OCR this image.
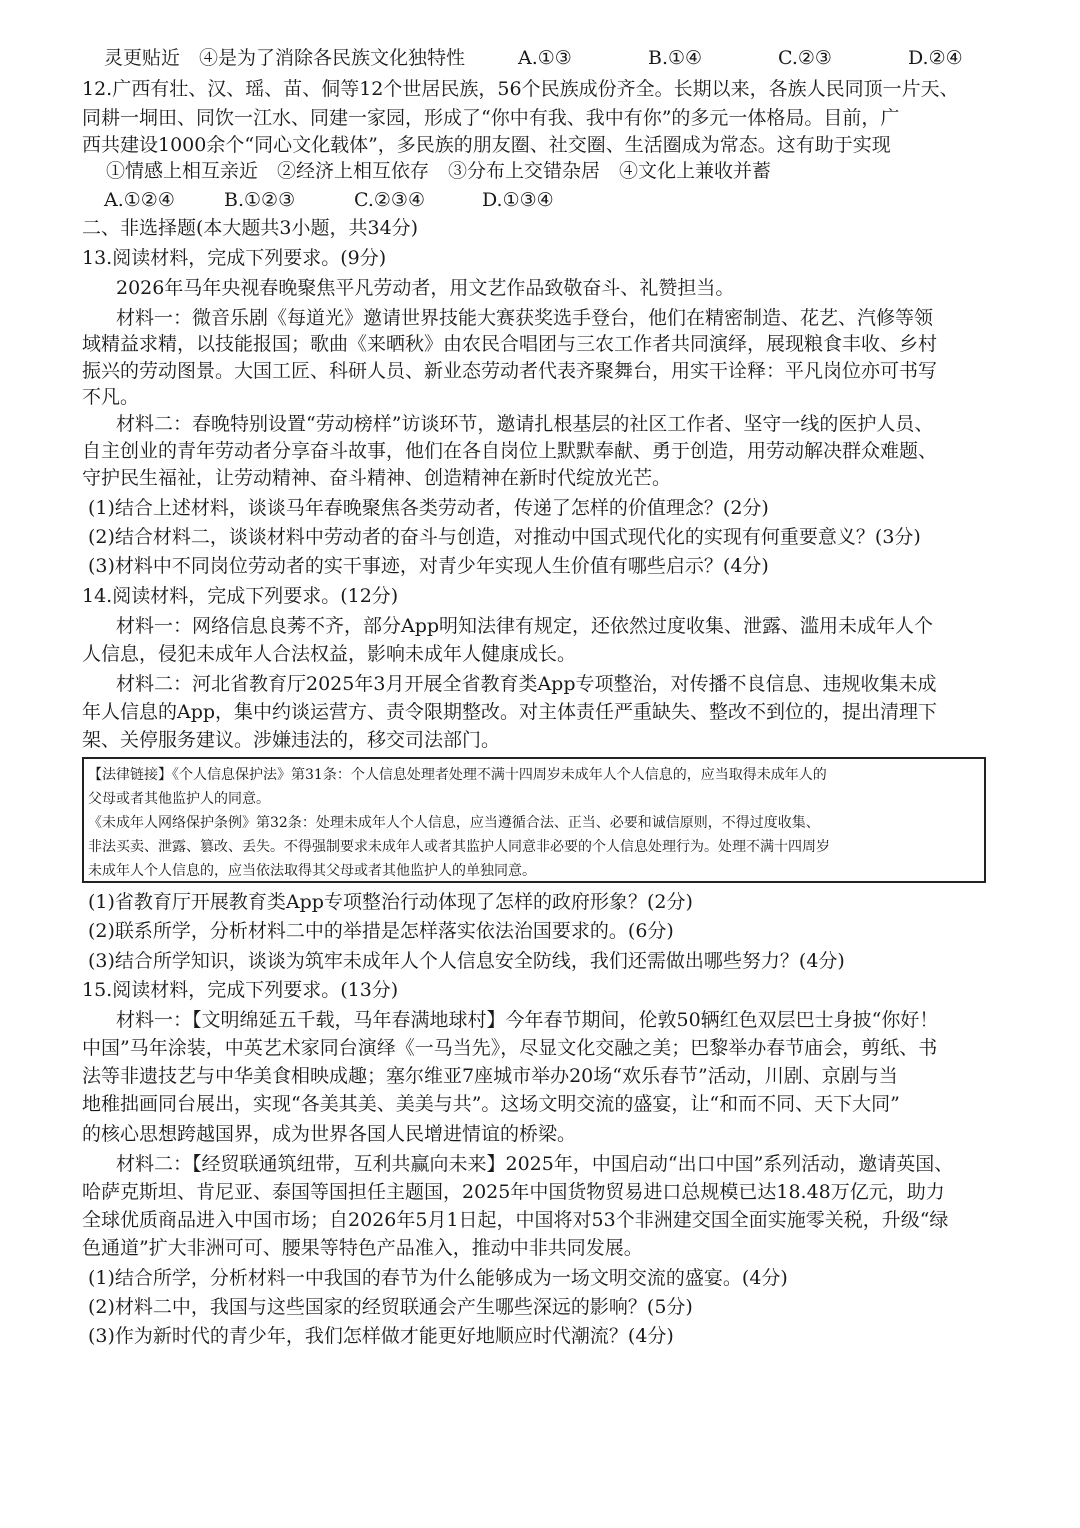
灵更贴近　④是为了消除各民族文化独特性	A.①③	B.①④	C.②③	D.②④
12.广西有壮、汉、瑶、苗、侗等12个世居民族，56个民族成份齐全。长期以来，各族人民同顶一片天、
同耕一垌田、同饮一江水、同建一家园，形成了“你中有我、我中有你”的多元一体格局。目前，广
西共建设1000余个“同心文化载体”，多民族的朋友圈、社交圈、生活圈成为常态。这有助于实现
①情感上相互亲近　②经济上相互依存　③分布上交错杂居　④文化上兼收并蓄
A.①②④	B.①②③	C.②③④	D.①③④
二、非选择题(本大题共3小题，共34分)
13.阅读材料，完成下列要求。(9分)
2026年马年央视春晚聚焦平凡劳动者，用文艺作品致敬奋斗、礼赞担当。
材料一：微音乐剧《每道光》邀请世界技能大赛获奖选手登台，他们在精密制造、花艺、汽修等领
域精益求精，以技能报国；歌曲《来晒秋》由农民合唱团与三农工作者共同演绎，展现粮食丰收、乡村
振兴的劳动图景。大国工匠、科研人员、新业态劳动者代表齐聚舞台，用实干诠释：平凡岗位亦可书写
不凡。
材料二：春晚特别设置“劳动榜样”访谈环节，邀请扎根基层的社区工作者、坚守一线的医护人员、
自主创业的青年劳动者分享奋斗故事，他们在各自岗位上默默奉献、勇于创造，用劳动解决群众难题、
守护民生福祉，让劳动精神、奋斗精神、创造精神在新时代绽放光芒。
(1)结合上述材料，谈谈马年春晚聚焦各类劳动者，传递了怎样的价值理念？(2分)
(2)结合材料二，谈谈材料中劳动者的奋斗与创造，对推动中国式现代化的实现有何重要意义？(3分)
(3)材料中不同岗位劳动者的实干事迹，对青少年实现人生价值有哪些启示？(4分)
14.阅读材料，完成下列要求。(12分)
材料一：网络信息良莠不齐，部分App明知法律有规定，还依然过度收集、泄露、滥用未成年人个
人信息，侵犯未成年人合法权益，影响未成年人健康成长。
材料二：河北省教育厅2025年3月开展全省教育类App专项整治，对传播不良信息、违规收集未成
年人信息的App，集中约谈运营方、责令限期整改。对主体责任严重缺失、整改不到位的，提出清理下
架、关停服务建议。涉嫌违法的，移交司法部门。
【法律链接】《个人信息保护法》第31条：个人信息处理者处理不满十四周岁未成年人个人信息的，应当取得未成年人的
父母或者其他监护人的同意。
《未成年人网络保护条例》第32条：处理未成年人个人信息，应当遵循合法、正当、必要和诚信原则，不得过度收集、
非法买卖、泄露、篡改、丢失。不得强制要求未成年人或者其监护人同意非必要的个人信息处理行为。处理不满十四周岁
未成年人个人信息的，应当依法取得其父母或者其他监护人的单独同意。
(1)省教育厅开展教育类App专项整治行动体现了怎样的政府形象？(2分)
(2)联系所学，分析材料二中的举措是怎样落实依法治国要求的。(6分)
(3)结合所学知识，谈谈为筑牢未成年人个人信息安全防线，我们还需做出哪些努力？(4分)
15.阅读材料，完成下列要求。(13分)
材料一：【文明绵延五千载，马年春满地球村】今年春节期间，伦敦50辆红色双层巴士身披“你好！
中国”马年涂装，中英艺术家同台演绎《一马当先》，尽显文化交融之美；巴黎举办春节庙会，剪纸、书
法等非遗技艺与中华美食相映成趣；塞尔维亚7座城市举办20场“欢乐春节”活动，川剧、京剧与当
地稚拙画同台展出，实现“各美其美、美美与共”。这场文明交流的盛宴，让“和而不同、天下大同”
的核心思想跨越国界，成为世界各国人民增进情谊的桥梁。
材料二：【经贸联通筑纽带，互利共赢向未来】2025年，中国启动“出口中国”系列活动，邀请英国、
哈萨克斯坦、肯尼亚、泰国等国担任主题国，2025年中国货物贸易进口总规模已达18.48万亿元，助力
全球优质商品进入中国市场；自2026年5月1日起，中国将对53个非洲建交国全面实施零关税，升级“绿
色通道”扩大非洲可可、腰果等特色产品准入，推动中非共同发展。
(1)结合所学，分析材料一中我国的春节为什么能够成为一场文明交流的盛宴。(4分)
(2)材料二中，我国与这些国家的经贸联通会产生哪些深远的影响？(5分)
(3)作为新时代的青少年，我们怎样做才能更好地顺应时代潮流？(4分)
